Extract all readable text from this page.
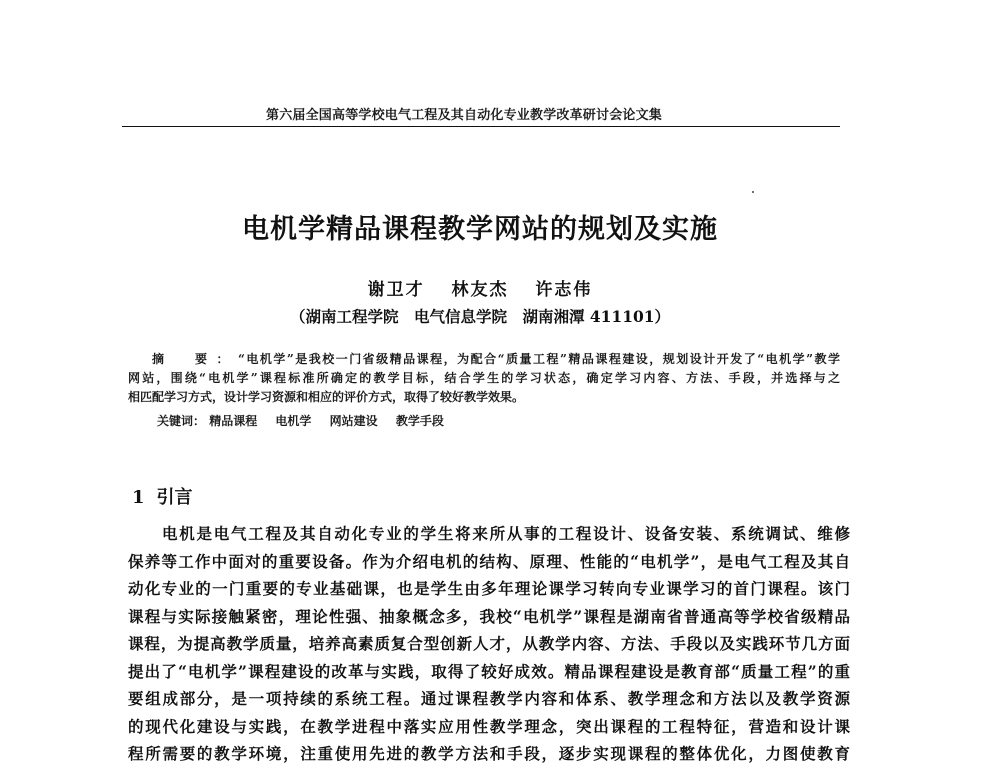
第六届全国高等学校电气工程及其自动化专业教学改革研讨会论文集
电机学精品课程教学网站的规划及实施
谢卫才　 林友杰　 许志伟
（湖南工程学院　电气信息学院　湖南湘潭 411101）
摘　要：“电机学”是我校一门省级精品课程，为配合“质量工程”精品课程建设，规划设计开发了“电机学”教学
网站，围绕“电机学”课程标准所确定的教学目标，结合学生的学习状态，确定学习内容、方法、手段，并选择与之
相匹配学习方式，设计学习资源和相应的评价方式，取得了较好教学效果。
关键词： 精品课程 电机学 网站建设 教学手段
1 引言
电机是电气工程及其自动化专业的学生将来所从事的工程设计、设备安装、系统调试、维修
保养等工作中面对的重要设备。作为介绍电机的结构、原理、性能的“电机学”，是电气工程及其自
动化专业的一门重要的专业基础课，也是学生由多年理论课学习转向专业课学习的首门课程。该门
课程与实际接触紧密，理论性强、抽象概念多，我校“电机学”课程是湖南省普通高等学校省级精品
课程，为提高教学质量，培养高素质复合型创新人才，从教学内容、方法、手段以及实践环节几方面
提出了“电机学”课程建设的改革与实践，取得了较好成效。精品课程建设是教育部“质量工程”的重
要组成部分，是一项持续的系统工程。通过课程教学内容和体系、教学理念和方法以及教学资源
的现代化建设与实践，在教学进程中落实应用性教学理念，突出课程的工程特征，营造和设计课
程所需要的教学环境，注重使用先进的教学方法和手段，逐步实现课程的整体优化，力图使教育
